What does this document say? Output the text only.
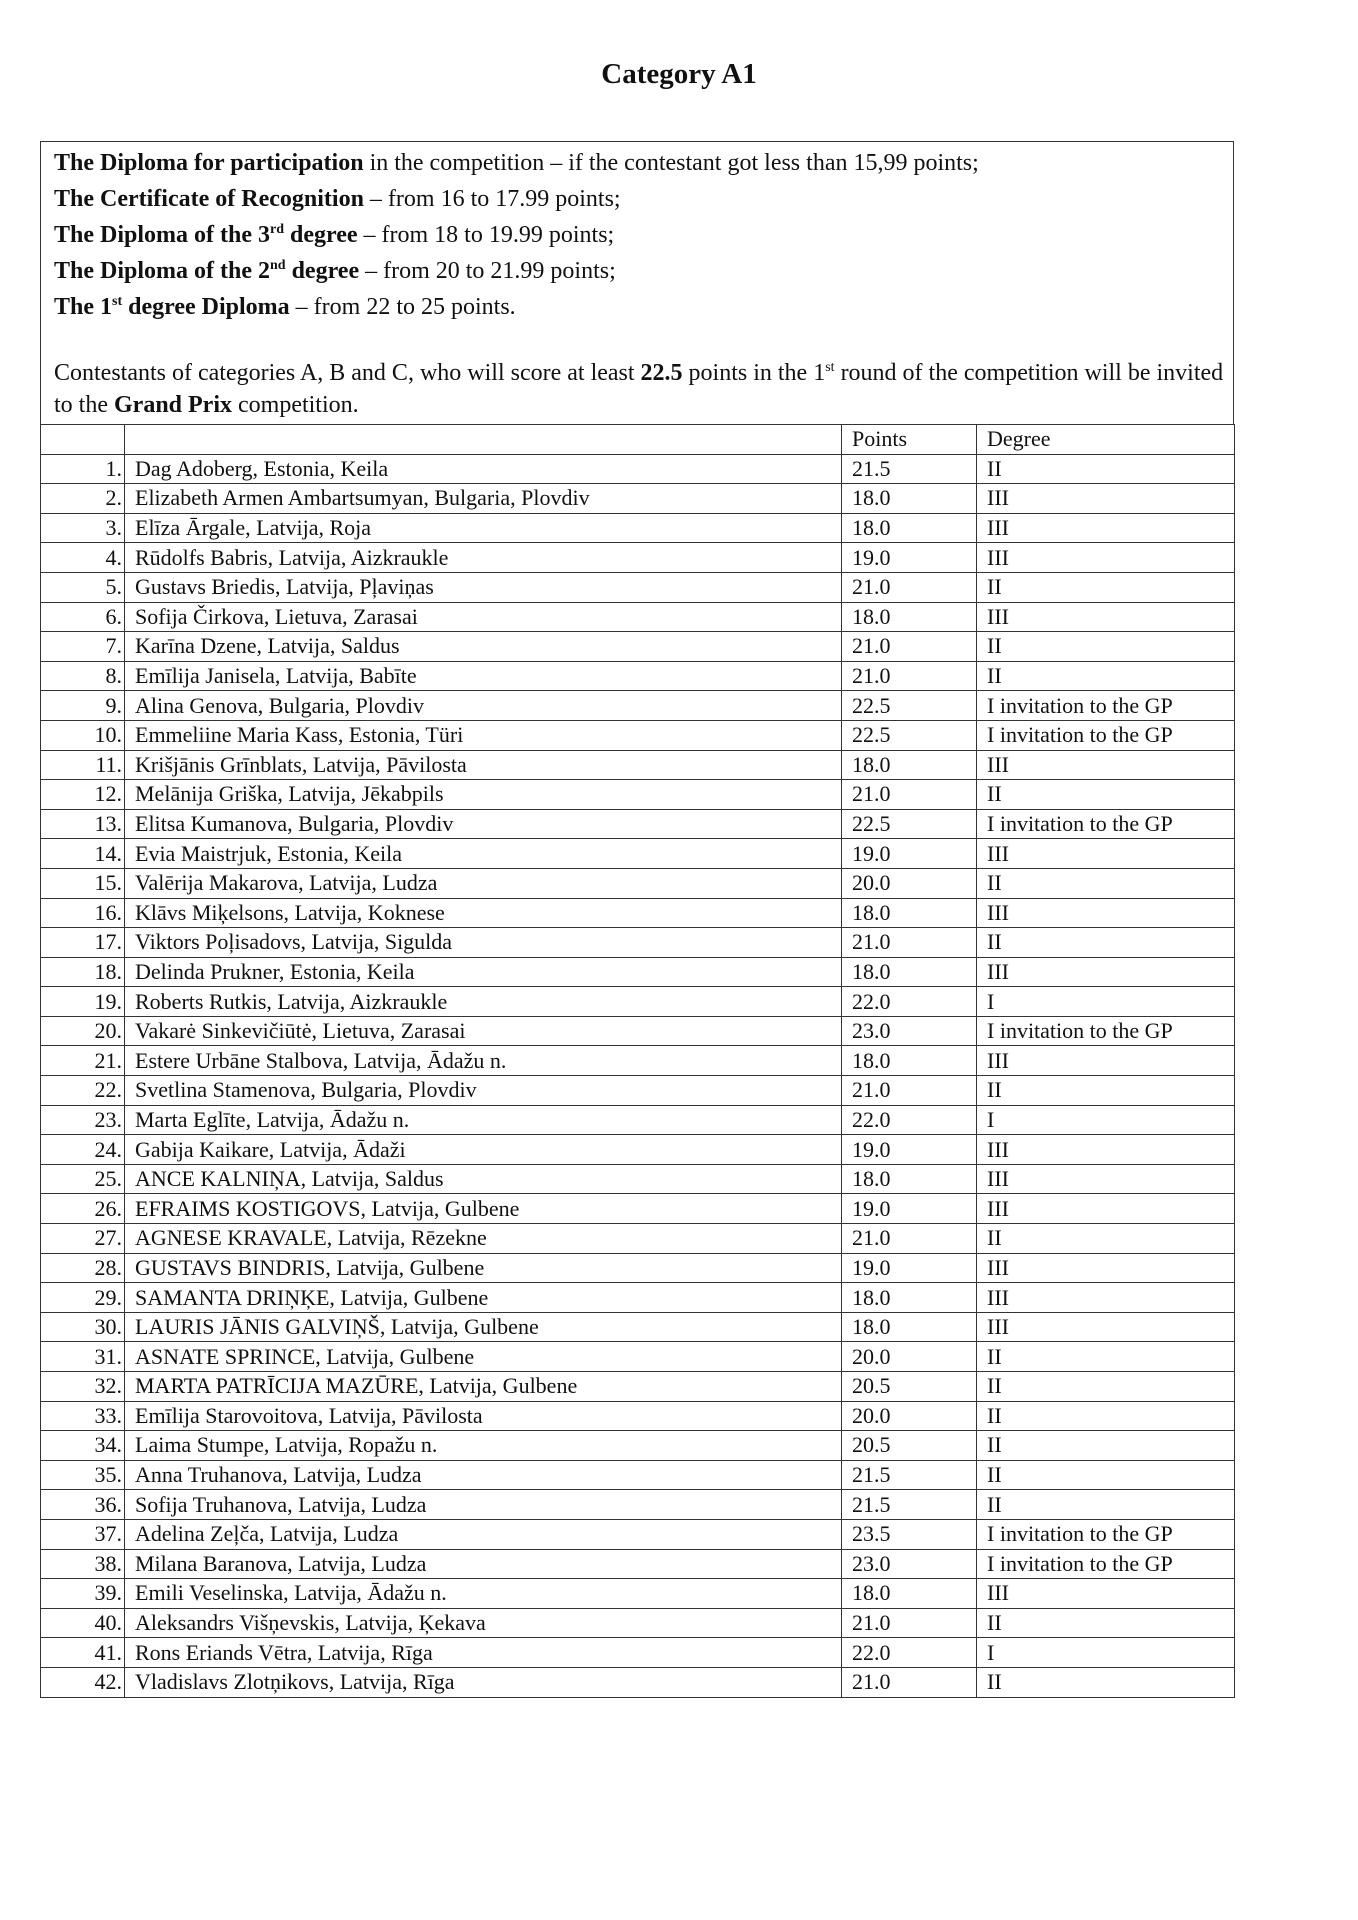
Category A1
The Diploma for participation in the competition – if the contestant got less than 15,99 points;
The Certificate of Recognition – from 16 to 17.99 points;
The Diploma of the 3rd degree – from 18 to 19.99 points;
The Diploma of the 2nd degree – from 20 to 21.99 points;
The 1st degree Diploma – from 22 to 25 points.
Contestants of categories A, B and C, who will score at least 22.5 points in the 1st round of the competition will be invited to the Grand Prix competition.
		Points	Degree
1.	Dag Adoberg, Estonia, Keila	21.5	II
2.	Elizabeth Armen Ambartsumyan, Bulgaria, Plovdiv	18.0	III
3.	Elīza Ārgale, Latvija, Roja	18.0	III
4.	Rūdolfs Babris, Latvija, Aizkraukle	19.0	III
5.	Gustavs Briedis, Latvija, Pļaviņas	21.0	II
6.	Sofija Čirkova, Lietuva, Zarasai	18.0	III
7.	Karīna Dzene, Latvija, Saldus	21.0	II
8.	Emīlija Janisela, Latvija, Babīte	21.0	II
9.	Alina Genova, Bulgaria, Plovdiv	22.5	I invitation to the GP
10.	Emmeliine Maria Kass, Estonia, Türi	22.5	I invitation to the GP
11.	Krišjānis Grīnblats, Latvija, Pāvilosta	18.0	III
12.	Melānija Griška, Latvija, Jēkabpils	21.0	II
13.	Elitsa Kumanova, Bulgaria, Plovdiv	22.5	I invitation to the GP
14.	Evia Maistrjuk, Estonia, Keila	19.0	III
15.	Valērija Makarova, Latvija, Ludza	20.0	II
16.	Klāvs Miķelsons, Latvija, Koknese	18.0	III
17.	Viktors Poļisadovs, Latvija, Sigulda	21.0	II
18.	Delinda Prukner, Estonia, Keila	18.0	III
19.	Roberts Rutkis, Latvija, Aizkraukle	22.0	I
20.	Vakarė Sinkevičiūtė, Lietuva, Zarasai	23.0	I invitation to the GP
21.	Estere Urbāne Stalbova, Latvija, Ādažu n.	18.0	III
22.	Svetlina Stamenova, Bulgaria, Plovdiv	21.0	II
23.	Marta Eglīte, Latvija, Ādažu n.	22.0	I
24.	Gabija Kaikare, Latvija, Ādaži	19.0	III
25.	ANCE KALNIŅA, Latvija, Saldus	18.0	III
26.	EFRAIMS KOSTIGOVS, Latvija, Gulbene	19.0	III
27.	AGNESE KRAVALE, Latvija, Rēzekne	21.0	II
28.	GUSTAVS BINDRIS, Latvija, Gulbene	19.0	III
29.	SAMANTA DRIŅĶE, Latvija, Gulbene	18.0	III
30.	LAURIS JĀNIS GALVIŅŠ, Latvija, Gulbene	18.0	III
31.	ASNATE SPRINCE, Latvija, Gulbene	20.0	II
32.	MARTA PATRĪCIJA MAZŪRE, Latvija, Gulbene	20.5	II
33.	Emīlija Starovoitova, Latvija, Pāvilosta	20.0	II
34.	Laima Stumpe, Latvija, Ropažu n.	20.5	II
35.	Anna Truhanova, Latvija, Ludza	21.5	II
36.	Sofija Truhanova, Latvija, Ludza	21.5	II
37.	Adelina Zeļča, Latvija, Ludza	23.5	I invitation to the GP
38.	Milana Baranova, Latvija, Ludza	23.0	I invitation to the GP
39.	Emili Veselinska, Latvija, Ādažu n.	18.0	III
40.	Aleksandrs Višņevskis, Latvija, Ķekava	21.0	II
41.	Rons Eriands Vētra, Latvija, Rīga	22.0	I
42.	Vladislavs Zlotņikovs, Latvija, Rīga	21.0	II
